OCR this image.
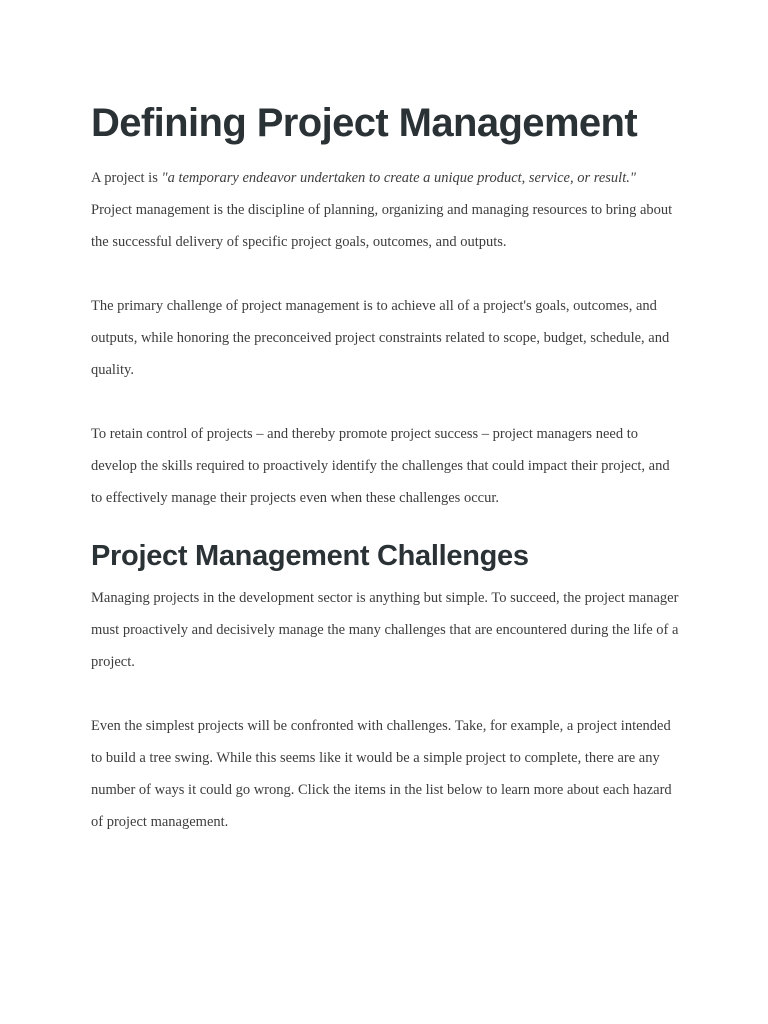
Defining Project Management

A project is "a temporary endeavor undertaken to create a unique product, service, or result."

Project management is the discipline of planning, organizing and managing resources to bring about the successful delivery of specific project goals, outcomes, and outputs.

The primary challenge of project management is to achieve all of a project's goals, outcomes, and outputs, while honoring the preconceived project constraints related to scope, budget, schedule, and quality.

To retain control of projects – and thereby promote project success – project managers need to develop the skills required to proactively identify the challenges that could impact their project, and to effectively manage their projects even when these challenges occur.

Project Management Challenges

Managing projects in the development sector is anything but simple. To succeed, the project manager must proactively and decisively manage the many challenges that are encountered during the life of a project.

Even the simplest projects will be confronted with challenges. Take, for example, a project intended to build a tree swing. While this seems like it would be a simple project to complete, there are any number of ways it could go wrong. Click the items in the list below to learn more about each hazard of project management.
